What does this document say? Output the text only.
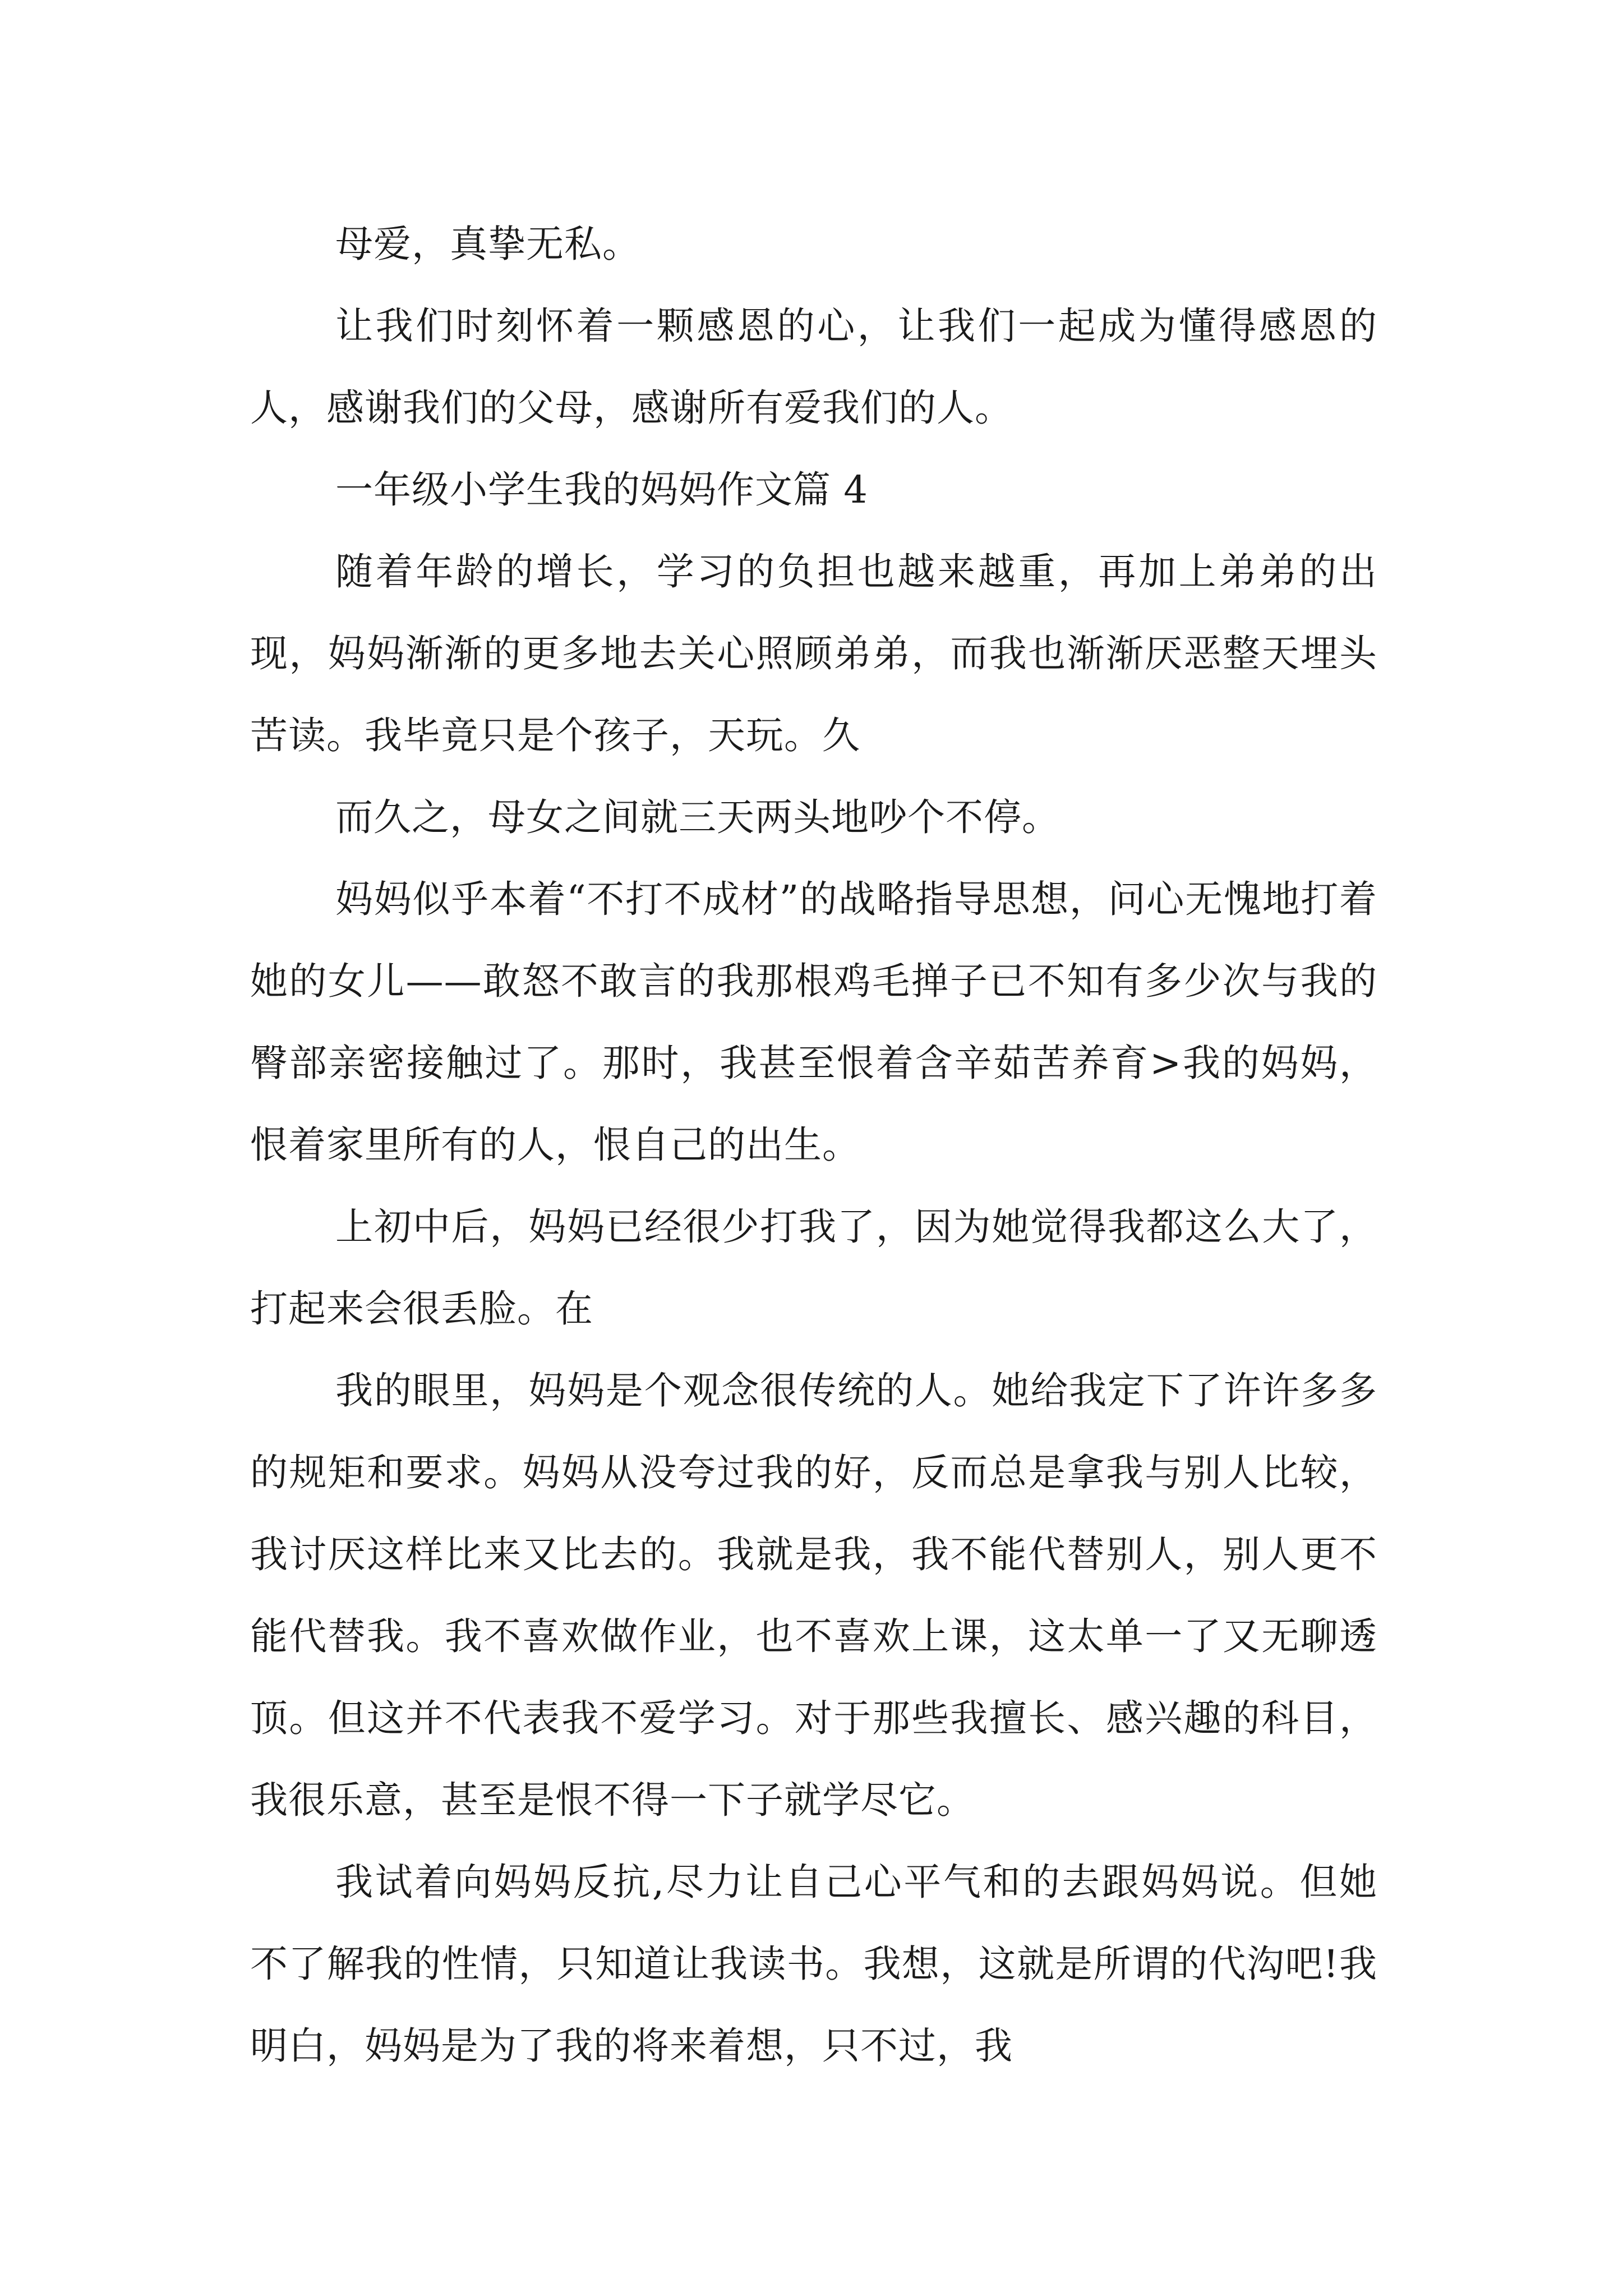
母爱，真挚无私。

让我们时刻怀着一颗感恩的心，让我们一起成为懂得感恩的人，感谢我们的父母，感谢所有爱我们的人。

一年级小学生我的妈妈作文篇 4

随着年龄的增长，学习的负担也越来越重，再加上弟弟的出现，妈妈渐渐的更多地去关心照顾弟弟，而我也渐渐厌恶整天埋头苦读。我毕竟只是个孩子，天玩。久

而久之，母女之间就三天两头地吵个不停。

妈妈似乎本着“不打不成材”的战略指导思想，问心无愧地打着她的女儿——敢怒不敢言的我那根鸡毛掸子已不知有多少次与我的臀部亲密接触过了。那时，我甚至恨着含辛茹苦养育>我的妈妈，恨着家里所有的人，恨自己的出生。

上初中后，妈妈已经很少打我了，因为她觉得我都这么大了，打起来会很丢脸。在

我的眼里，妈妈是个观念很传统的人。她给我定下了许许多多的规矩和要求。妈妈从没夸过我的好，反而总是拿我与别人比较，我讨厌这样比来又比去的。我就是我，我不能代替别人，别人更不能代替我。我不喜欢做作业，也不喜欢上课，这太单一了又无聊透顶。但这并不代表我不爱学习。对于那些我擅长、感兴趣的科目，我很乐意，甚至是恨不得一下子就学尽它。

我试着向妈妈反抗,尽力让自己心平气和的去跟妈妈说。但她不了解我的性情，只知道让我读书。我想，这就是所谓的代沟吧!我明白，妈妈是为了我的将来着想，只不过，我
